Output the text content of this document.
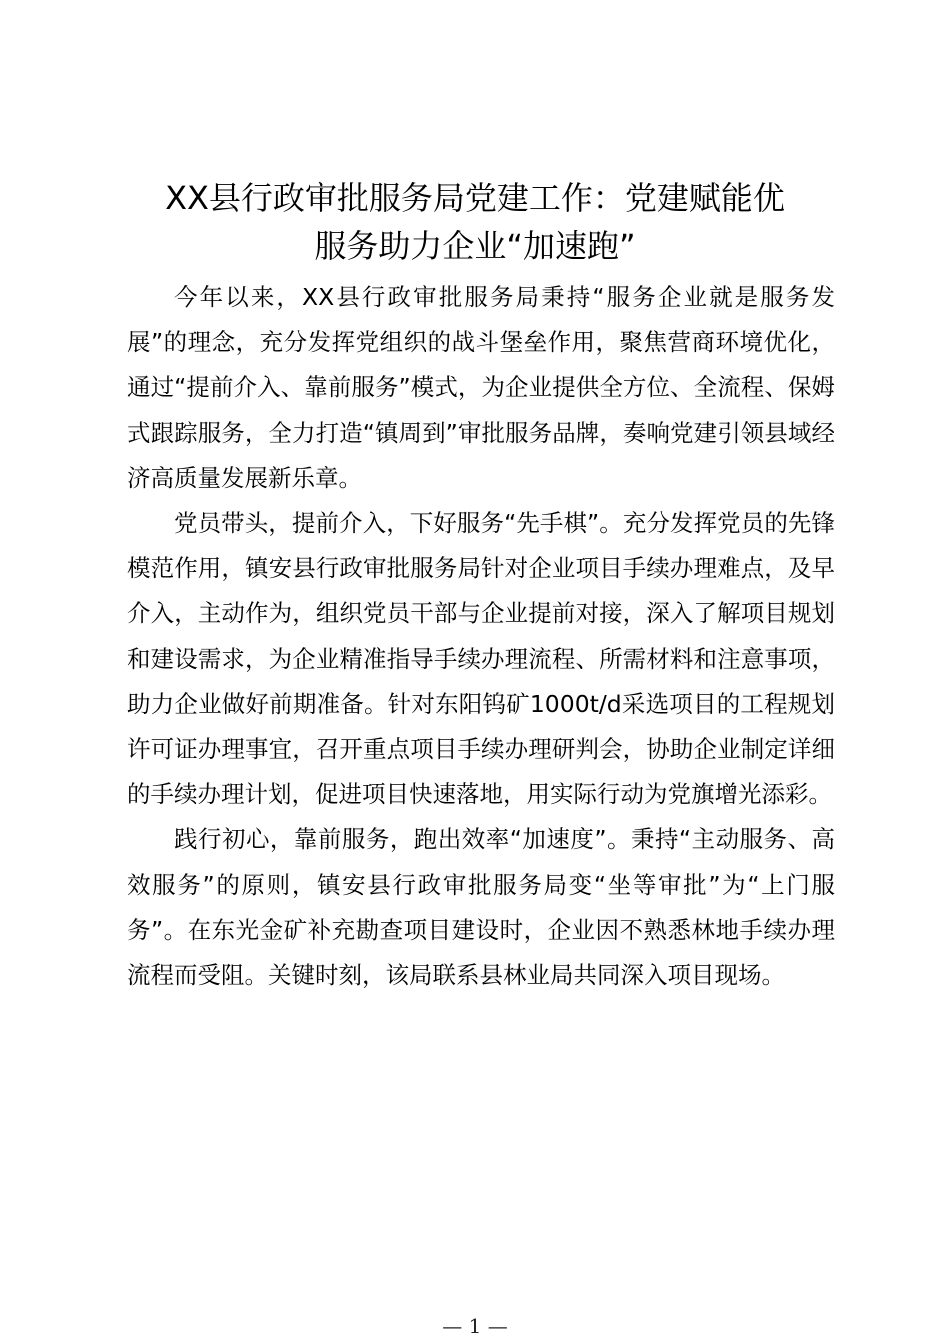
XX县行政审批服务局党建工作：党建赋能优
服务助力企业“加速跑”

今年以来，XX县行政审批服务局秉持“服务企业就是服务发展”的理念，充分发挥党组织的战斗堡垒作用，聚焦营商环境优化，通过“提前介入、靠前服务”模式，为企业提供全方位、全流程、保姆式跟踪服务，全力打造“镇周到”审批服务品牌，奏响党建引领县域经济高质量发展新乐章。

党员带头，提前介入，下好服务“先手棋”。充分发挥党员的先锋模范作用，镇安县行政审批服务局针对企业项目手续办理难点，及早介入，主动作为，组织党员干部与企业提前对接，深入了解项目规划和建设需求，为企业精准指导手续办理流程、所需材料和注意事项，助力企业做好前期准备。针对东阳钨矿1000t/d采选项目的工程规划许可证办理事宜，召开重点项目手续办理研判会，协助企业制定详细的手续办理计划，促进项目快速落地，用实际行动为党旗增光添彩。

践行初心，靠前服务，跑出效率“加速度”。秉持“主动服务、高效服务”的原则，镇安县行政审批服务局变“坐等审批”为“上门服务”。在东光金矿补充勘查项目建设时，企业因不熟悉林地手续办理流程而受阻。关键时刻，该局联系县林业局共同深入项目现场。

— 1 —
